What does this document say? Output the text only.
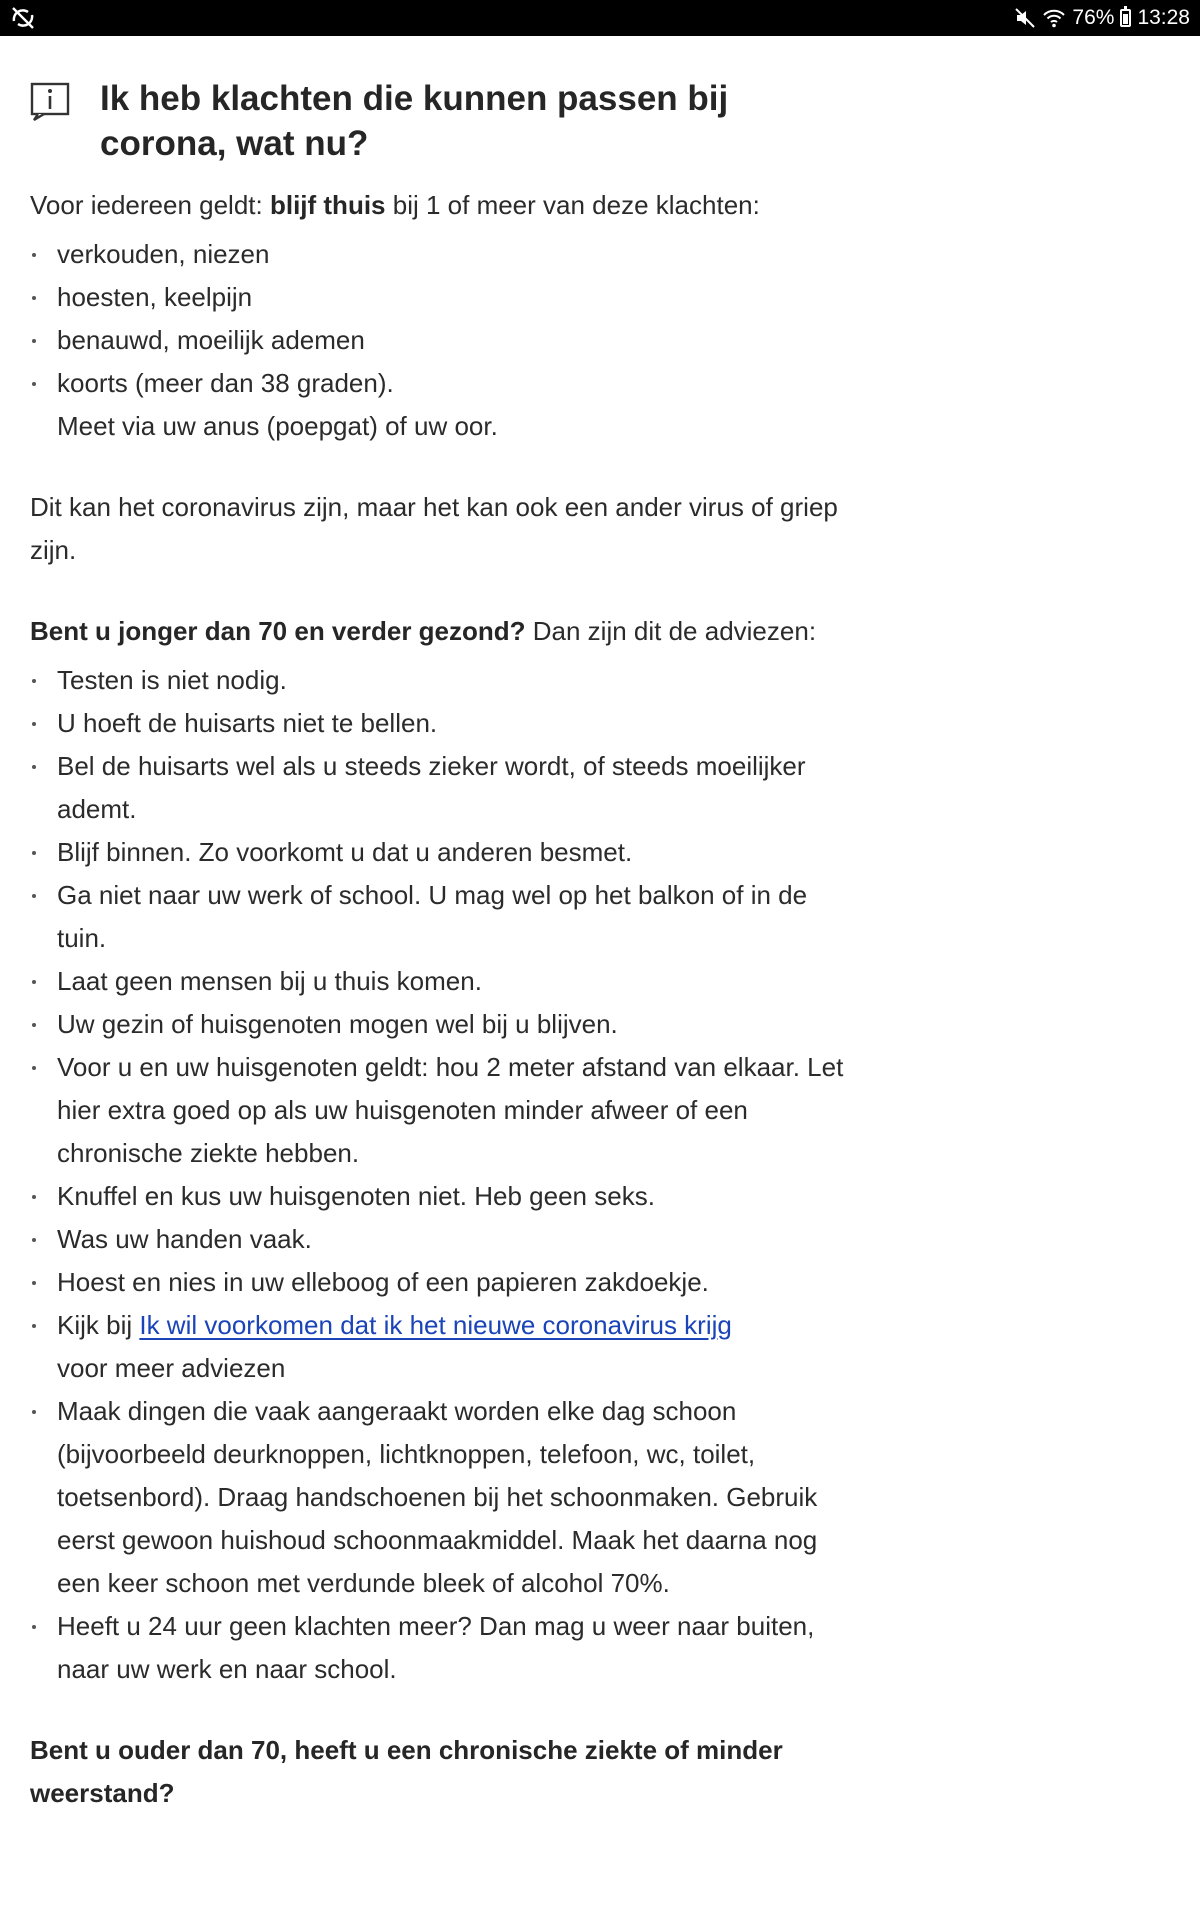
76% 13:28
Ik heb klachten die kunnen passen bij corona, wat nu?

Voor iedereen geldt: blijf thuis bij 1 of meer van deze klachten:

verkouden, niezen
hoesten, keelpijn
benauwd, moeilijk ademen
koorts (meer dan 38 graden).
Meet via uw anus (poepgat) of uw oor.

Dit kan het coronavirus zijn, maar het kan ook een ander virus of griep zijn.

Bent u jonger dan 70 en verder gezond? Dan zijn dit de adviezen:

Testen is niet nodig.
U hoeft de huisarts niet te bellen.
Bel de huisarts wel als u steeds zieker wordt, of steeds moeilijker ademt.
Blijf binnen. Zo voorkomt u dat u anderen besmet.
Ga niet naar uw werk of school. U mag wel op het balkon of in de tuin.
Laat geen mensen bij u thuis komen.
Uw gezin of huisgenoten mogen wel bij u blijven.
Voor u en uw huisgenoten geldt: hou 2 meter afstand van elkaar. Let hier extra goed op als uw huisgenoten minder afweer of een chronische ziekte hebben.
Knuffel en kus uw huisgenoten niet. Heb geen seks.
Was uw handen vaak.
Hoest en nies in uw elleboog of een papieren zakdoekje.
Kijk bij Ik wil voorkomen dat ik het nieuwe coronavirus krijg
voor meer adviezen
Maak dingen die vaak aangeraakt worden elke dag schoon (bijvoorbeeld deurknoppen, lichtknoppen, telefoon, wc, toilet, toetsenbord). Draag handschoenen bij het schoonmaken. Gebruik eerst gewoon huishoud schoonmaakmiddel. Maak het daarna nog een keer schoon met verdunde bleek of alcohol 70%.
Heeft u 24 uur geen klachten meer? Dan mag u weer naar buiten, naar uw werk en naar school.

Bent u ouder dan 70, heeft u een chronische ziekte of minder weerstand?
